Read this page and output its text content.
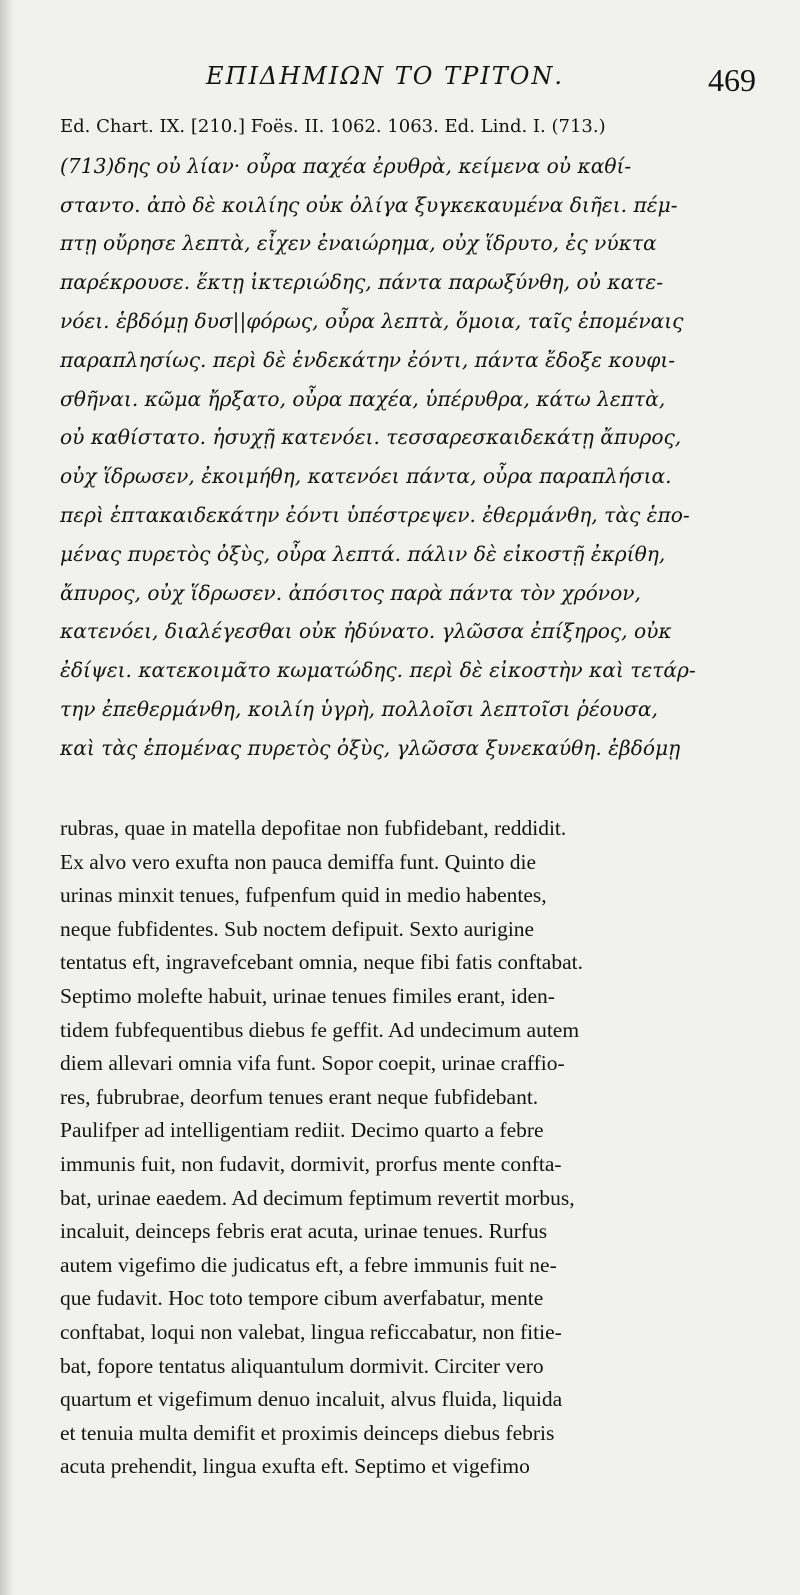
ΕΠΙΔΗΜΙΩΝ ΤΟ ΤΡΙΤΟΝ.	469
Ed. Chart. IX. [210.] Foës. II. 1062. 1063. Ed. Lind. I. (713.)
(713)δης οὐ λίαν· οὖρα παχέα ἐρυθρὰ, κείμενα οὐ καθί-
σταντο. ἀπὸ δὲ κοιλίης οὐκ ὀλίγα ξυγκεκαυμένα διῆει. πέμ-
πτῃ οὔρησε λεπτὰ, εἶχεν ἐναιώρημα, οὐχ ἵδρυτο, ἐς νύκτα
παρέκρουσε. ἕκτῃ ἰκτεριώδης, πάντα παρωξύνθη, οὐ κατε-
νόει. ἑβδόμῃ δυσ||φόρως, οὖρα λεπτὰ, ὅμοια, ταῖς ἑπομέναις
παραπλησίως. περὶ δὲ ἑνδεκάτην ἐόντι, πάντα ἔδοξε κουφι-
σθῆναι. κῶμα ἤρξατο, οὖρα παχέα, ὑπέρυθρα, κάτω λεπτὰ,
οὐ καθίστατο. ἡσυχῇ κατενόει. τεσσαρεσκαιδεκάτῃ ἄπυρος,
οὐχ ἵδρωσεν, ἐκοιμήθη, κατενόει πάντα, οὖρα παραπλήσια.
περὶ ἑπτακαιδεκάτην ἐόντι ὑπέστρεψεν. ἐθερμάνθη, τὰς ἑπο-
μένας πυρετὸς ὀξὺς, οὖρα λεπτά. πάλιν δὲ εἰκοστῇ ἐκρίθη,
ἄπυρος, οὐχ ἵδρωσεν. ἀπόσιτος παρὰ πάντα τὸν χρόνον,
κατενόει, διαλέγεσθαι οὐκ ἠδύνατο. γλῶσσα ἐπίξηρος, οὐκ
ἐδίψει. κατεκοιμᾶτο κωματώδης. περὶ δὲ εἰκοστὴν καὶ τετάρ-
την ἐπεθερμάνθη, κοιλίη ὑγρὴ, πολλοῖσι λεπτοῖσι ῥέουσα,
καὶ τὰς ἑπομένας πυρετὸς ὀξὺς, γλῶσσα ξυνεκαύθη. ἑβδόμῃ
rubras, quae in matella depofitae non fubfidebant, reddidit.
Ex alvo vero exufta non pauca demiffa funt. Quinto die
urinas minxit tenues, fufpenfum quid in medio habentes,
neque fubfidentes. Sub noctem defipuit. Sexto aurigine
tentatus eft, ingravefcebant omnia, neque fibi fatis conftabat.
Septimo molefte habuit, urinae tenues fimiles erant, iden-
tidem fubfequentibus diebus fe geffit. Ad undecimum autem
diem allevari omnia vifa funt. Sopor coepit, urinae craffio-
res, fubrubrae, deorfum tenues erant neque fubfidebant.
Paulifper ad intelligentiam rediit. Decimo quarto a febre
immunis fuit, non fudavit, dormivit, prorfus mente confta-
bat, urinae eaedem. Ad decimum feptimum revertit morbus,
incaluit, deinceps febris erat acuta, urinae tenues. Rurfus
autem vigefimo die judicatus eft, a febre immunis fuit ne-
que fudavit. Hoc toto tempore cibum averfabatur, mente
conftabat, loqui non valebat, lingua reficcabatur, non fitie-
bat, fopore tentatus aliquantulum dormivit. Circiter vero
quartum et vigefimum denuo incaluit, alvus fluida, liquida
et tenuia multa demifit et proximis deinceps diebus febris
acuta prehendit, lingua exufta eft. Septimo et vigefimo
